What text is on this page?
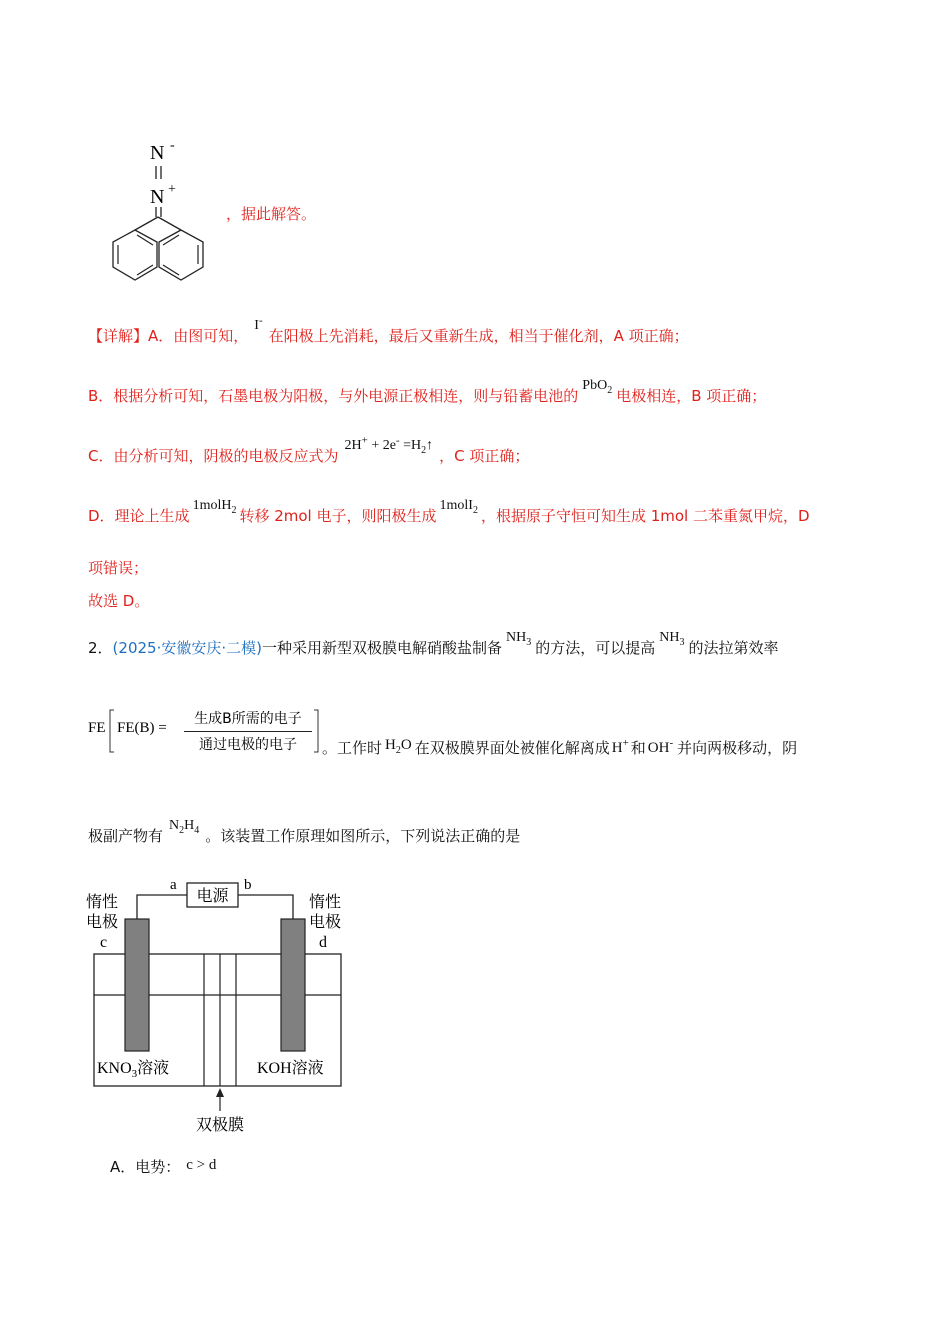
N -
N +
，据此解答。
【详解】A．由图可知，I-在阳极上先消耗，最后又重新生成，相当于催化剂，A 项正确；
B．根据分析可知，石墨电极为阳极，与外电源正极相连，则与铅蓄电池的PbO$_2$ 电极相连，B 项正确；
C．由分析可知，阴极的电极反应式为$2H^+ + 2e^- =H_2↑$，C 项正确；
D．理论上生成1molH$_2$ 转移 2mol 电子，则阳极生成1molI$_2$ ，根据原子守恒可知生成 1mol 二苯重氮甲烷，D
项错误；
故选 D。
2．(2025·安徽安庆·二模)一种采用新型双极膜电解硝酸盐制备$NH_3$ 的方法，可以提高$NH_3$ 的法拉第效率
FE FE(B) =
生成B所需的电子
通过电极的电子	。工作时 $H_2O$ 在双极膜界面处被催化解离成 H+ 和 OH- 并向两极移动，阴
极副产物有$N_2H_4$ 。该装置工作原理如图所示，下列说法正确的是
电源
a	b
惰性
电极
c
惰性
电极
d
$KNO_3$溶液	KOH溶液
双极膜
A．电势： c > d
